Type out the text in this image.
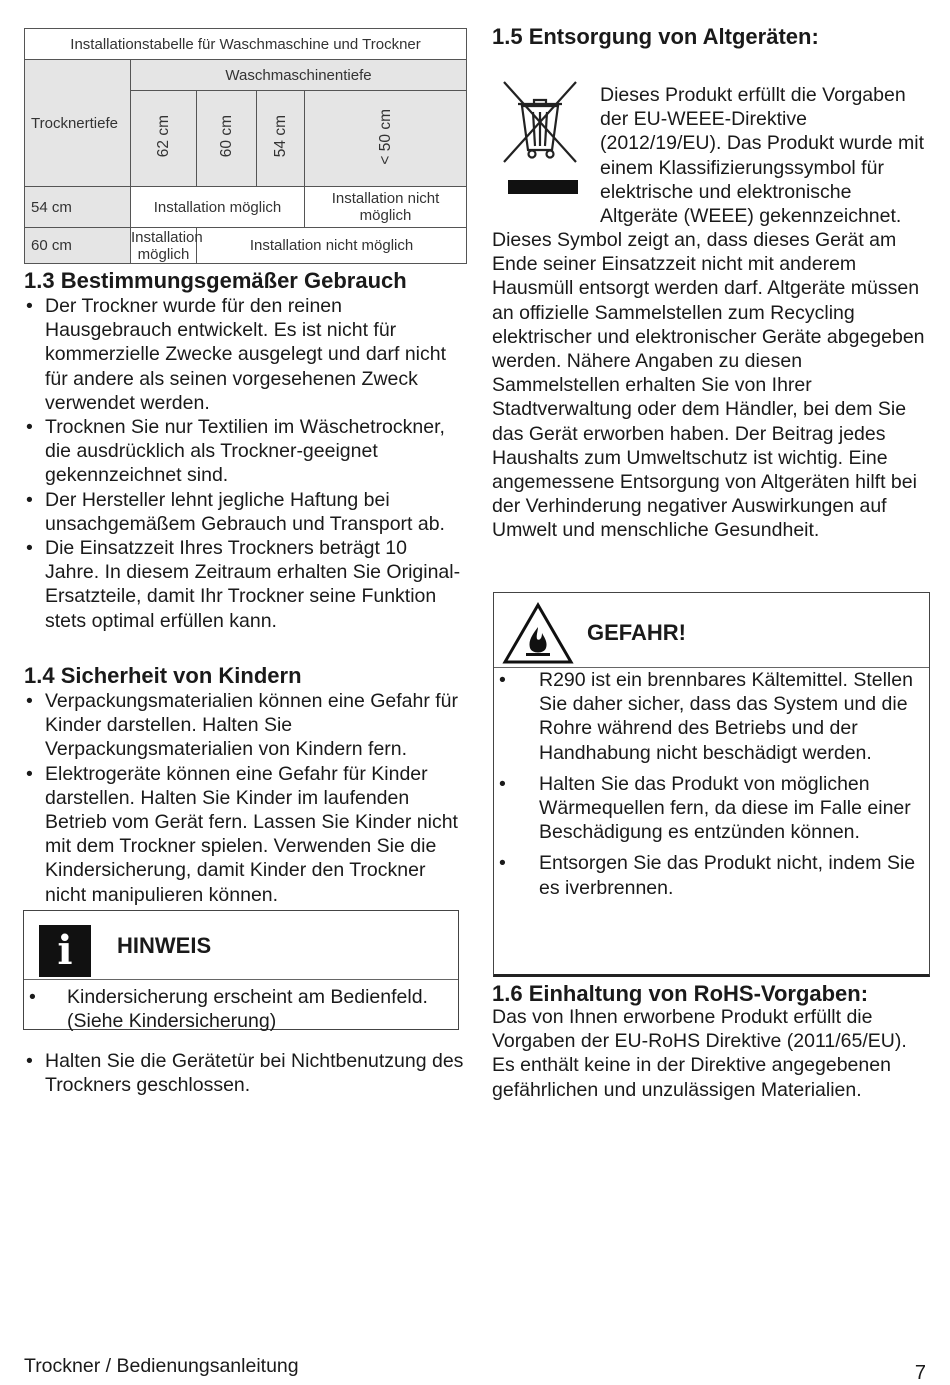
Installationstabelle für Waschmaschine und Trockner				
Trocknertiefe	Waschmaschinentiefe			
	62 cm	60 cm	54 cm	< 50 cm
54 cm	Installation möglich			Installation nicht möglich
60 cm	Installation möglich	Installation nicht möglich		
1.3 Bestimmungsgemäßer Gebrauch
• Der Trockner wurde für den reinen Hausgebrauch entwickelt. Es ist nicht für kommerzielle Zwecke ausgelegt und darf nicht für andere als seinen vorgesehenen Zweck verwendet werden.
• Trocknen Sie nur Textilien im Wäschetrockner, die ausdrücklich als Trockner-geeignet gekennzeichnet sind.
• Der Hersteller lehnt jegliche Haftung bei unsachgemäßem Gebrauch und Transport ab.
• Die Einsatzzeit Ihres Trockners beträgt 10 Jahre. In diesem Zeitraum erhalten Sie Original-Ersatzteile, damit Ihr Trockner seine Funktion stets optimal erfüllen kann.
1.4 Sicherheit von Kindern
• Verpackungsmaterialien können eine Gefahr für Kinder darstellen. Halten Sie Verpackungsmaterialien von Kindern fern.
• Elektrogeräte können eine Gefahr für Kinder darstellen. Halten Sie Kinder im laufenden Betrieb vom Gerät fern. Lassen Sie Kinder nicht mit dem Trockner spielen. Verwenden Sie die Kindersicherung, damit Kinder den Trockner nicht manipulieren können.
i	HINWEIS
• Kindersicherung erscheint am Bedienfeld. (Siehe Kindersicherung)
• Halten Sie die Gerätetür bei Nichtbenutzung des Trockners geschlossen.
1.5 Entsorgung von Altgeräten:
Dieses Produkt erfüllt die Vorgaben der EU-WEEE-Direktive (2012/19/EU). Das Produkt wurde mit einem Klassifizierungssymbol für elektrische und elektronische Altgeräte (WEEE) gekennzeichnet.
Dieses Symbol zeigt an, dass dieses Gerät am Ende seiner Einsatzzeit nicht mit anderem Hausmüll entsorgt werden darf. Altgeräte müssen an offizielle Sammelstellen zum Recycling elektrischer und elektronischer Geräte abgegeben werden. Nähere Angaben zu diesen Sammelstellen erhalten Sie von Ihrer Stadtverwaltung oder dem Händler, bei dem Sie das Gerät erworben haben. Der Beitrag jedes Haushalts zum Umweltschutz ist wichtig. Eine angemessene Entsorgung von Altgeräten hilft bei der Verhinderung negativer Auswirkungen auf Umwelt und menschliche Gesundheit.
GEFAHR!
• R290 ist ein brennbares Kältemittel. Stellen Sie daher sicher, dass das System und die Rohre während des Betriebs und der Handhabung nicht beschädigt werden.
• Halten Sie das Produkt von möglichen Wärmequellen fern, da diese im Falle einer Beschädigung es entzünden können.
• Entsorgen Sie das Produkt nicht, indem Sie es iverbrennen.
1.6 Einhaltung von RoHS-Vorgaben:
Das von Ihnen erworbene Produkt erfüllt die Vorgaben der EU-RoHS Direktive (2011/65/EU). Es enthält keine in der Direktive angegebenen gefährlichen und unzulässigen Materialien.
Trockner / Bedienungsanleitung	7
